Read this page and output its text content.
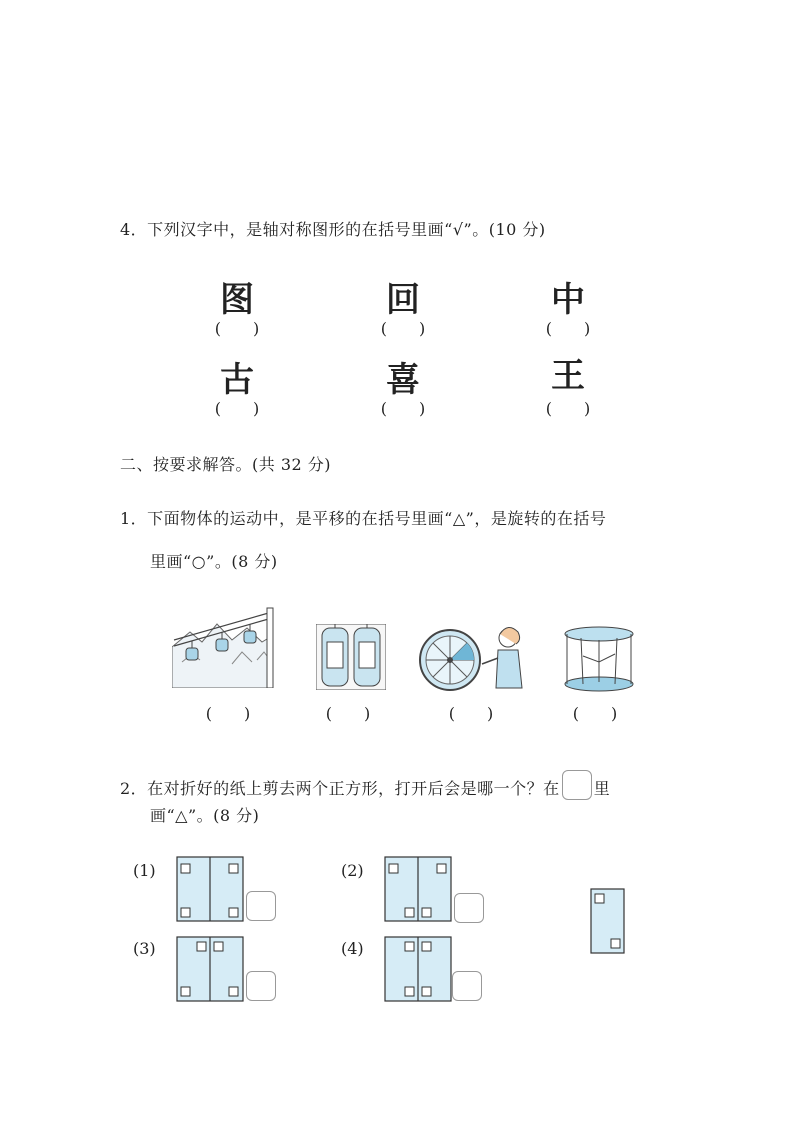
4．下列汉字中，是轴对称图形的在括号里画“√”。(10 分)
图	回	中
(　　)	(　　)	(　　)
古	喜	王
(　　)	(　　)	(　　)
二、按要求解答。(共 32 分)
1．下面物体的运动中，是平移的在括号里画“△”，是旋转的在括号
里画“○”。(8 分)
(　　)	(　　)	(　　)	(　　)
2．在对折好的纸上剪去两个正方形，打开后会是哪一个？在 里
画“△”。(8 分)
(1)	(2)
(3)	(4)
